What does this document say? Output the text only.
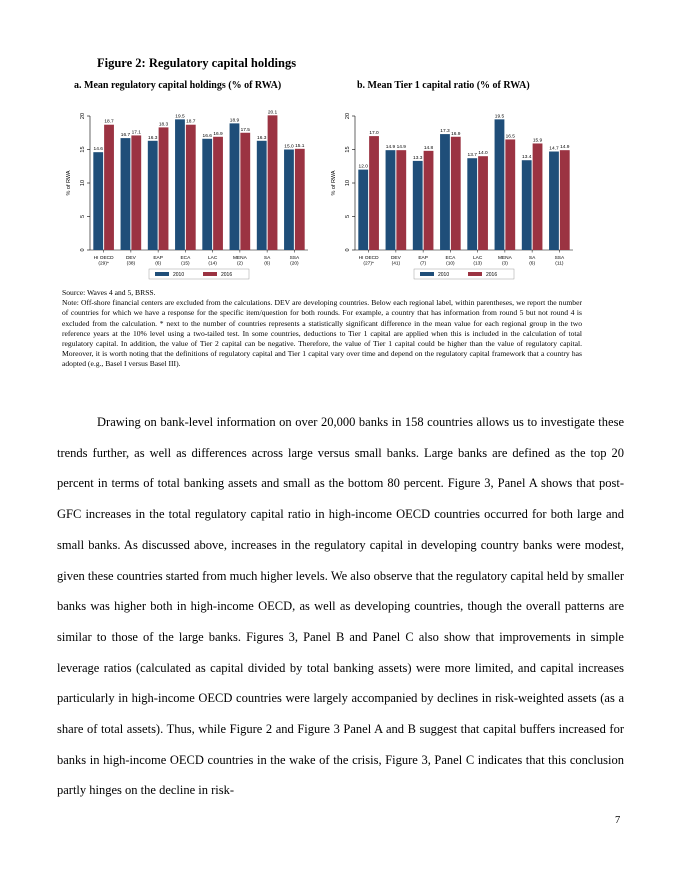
Figure 2: Regulatory capital holdings
a. Mean regulatory capital holdings (% of RWA)	b. Mean Tier 1 capital ratio (% of RWA)
0
5
10
15
20
% of RWA
14.6
18.7
HI OECD
(29)*
16.7
17.1
DEV
(38)
16.3
18.3
EAP
(6)
19.5
18.7
ECA
(15)
16.6 16.9
LAC
(14)
18.9
17.5
MENA
(2)
16.3
20.1
SA
(6)
15.0 15.1
SSA
(20)
2010	2016
0
5
10
15
20
% of RWA
12.0
17.0
HI OECD
(27)*
14.9 14.9
DEV
(41)
13.3
14.8
EAP
(7)
17.3
16.9
ECA
(10)
13.7 14.0
LAC
(13)
19.5
16.5
MENA
(3)
13.4
15.9
SA
(6)
14.7 14.9
SSA
(11)
2010	2016

Source: Waves 4 and 5, BRSS.

Note: Off-shore financial centers are excluded from the calculations. DEV are developing countries. Below each regional label, within parentheses, we report the number of countries for which we have a response for the specific item/question for both rounds. For example, a country that has information from round 5 but not round 4 is excluded from the calculation. * next to the number of countries represents a statistically significant difference in the mean value for each regional group in the two reference years at the 10% level using a two-tailed test. In some countries, deductions to Tier 1 capital are applied when this is included in the calculation of total regulatory capital. In addition, the value of Tier 2 capital can be negative. Therefore, the value of Tier 1 capital could be higher than the value of regulatory capital. Moreover, it is worth noting that the definitions of regulatory capital and Tier 1 capital vary over time and depend on the regulatory capital framework that a country has adopted (e.g., Basel I versus Basel III).

Drawing on bank-level information on over 20,000 banks in 158 countries allows us to investigate these trends further, as well as differences across large versus small banks. Large banks are defined as the top 20 percent in terms of total banking assets and small as the bottom 80 percent. Figure 3, Panel A shows that post-GFC increases in the total regulatory capital ratio in high-income OECD countries occurred for both large and small banks. As discussed above, increases in the regulatory capital in developing country banks were modest, given these countries started from much higher levels. We also observe that the regulatory capital held by smaller banks was higher both in high-income OECD, as well as developing countries, though the overall patterns are similar to those of the large banks. Figures 3, Panel B and Panel C also show that improvements in simple leverage ratios (calculated as capital divided by total banking assets) were more limited, and capital increases particularly in high-income OECD countries were largely accompanied by declines in risk-weighted assets (as a share of total assets). Thus, while Figure 2 and Figure 3 Panel A and B suggest that capital buffers increased for banks in high-income OECD countries in the wake of the crisis, Figure 3, Panel C indicates that this conclusion partly hinges on the decline in risk-

7
